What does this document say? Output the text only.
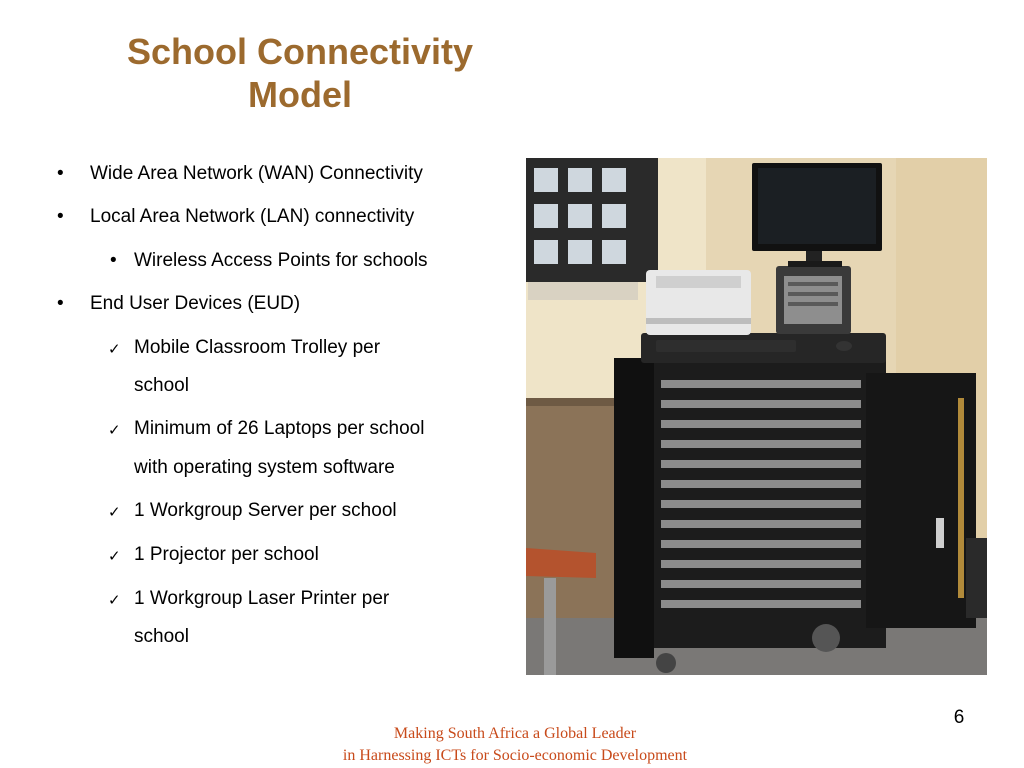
School Connectivity
Model
• Wide Area Network (WAN) Connectivity
• Local Area Network (LAN) connectivity
• Wireless Access Points for schools
• End User Devices (EUD)
✓ Mobile Classroom Trolley per
school
✓ Minimum of 26 Laptops per school
with operating system software
✓ 1 Workgroup Server per school
✓ 1 Projector per school
✓ 1 Workgroup Laser Printer per
school
6
Making South Africa a Global Leader
in Harnessing ICTs for Socio-economic Development
